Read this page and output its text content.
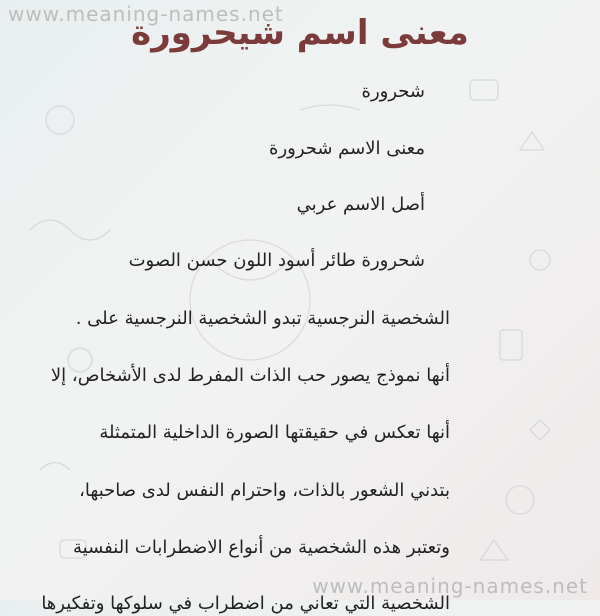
www.meaning-names.net
معنى اسم شيحرورة
شحرورة
معنى الاسم شحرورة
أصل الاسم عربي
شحرورة طائر أسود اللون حسن الصوت
الشخصية النرجسية تبدو الشخصية النرجسية على .
أنها نموذج يصور حب الذات المفرط لدى الأشخاص، إلا
أنها تعكس في حقيقتها الصورة الداخلية المتمثلة
بتدني الشعور بالذات، واحترام النفس لدى صاحبها،
وتعتبر هذه الشخصية من أنواع الاضطرابات النفسية
الشخصية التي تعاني من اضطراب في سلوكها وتفكيرها
www.meaning-names.net
